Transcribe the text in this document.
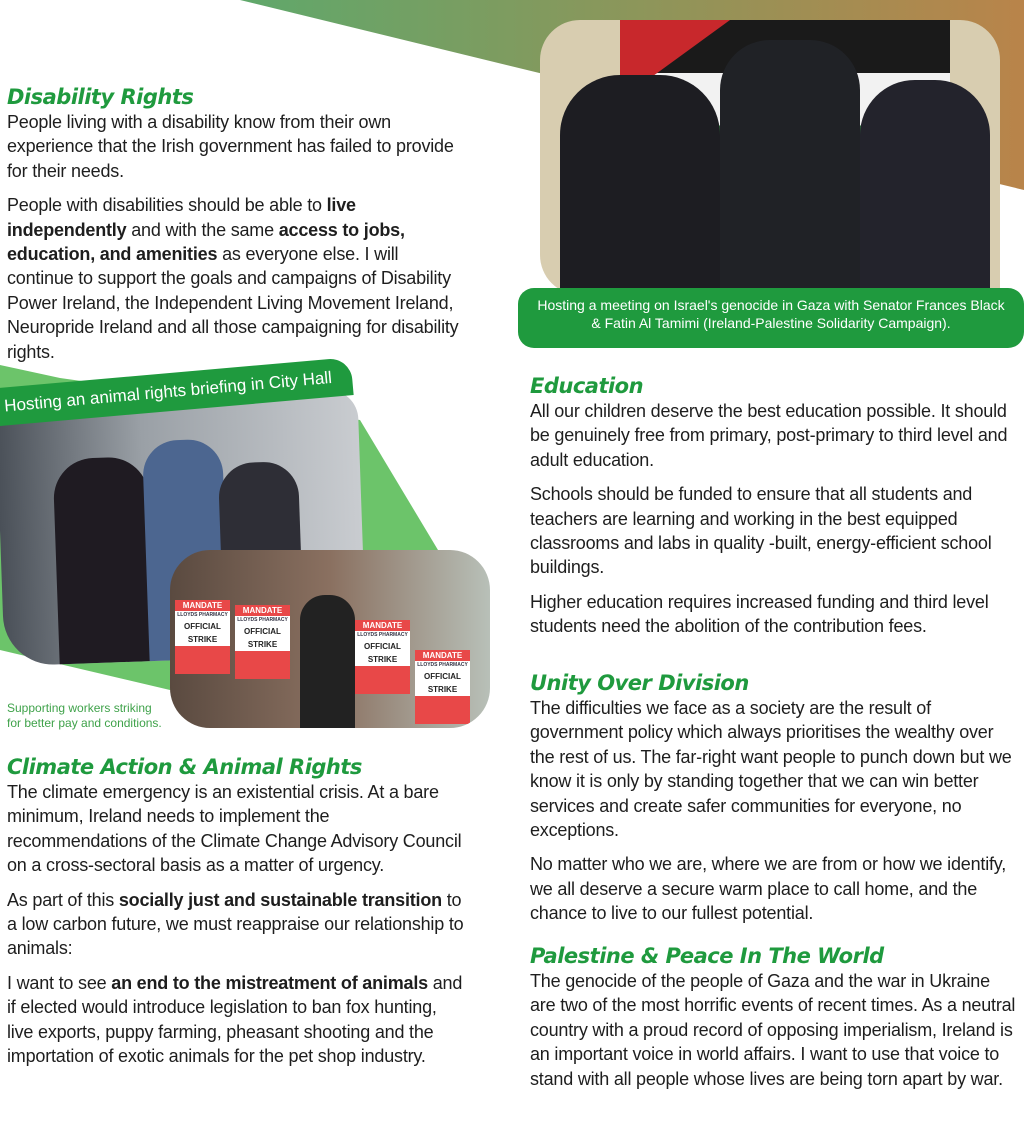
Hosting a meeting on Israel's genocide in Gaza with Senator Frances Black & Fatin Al Tamimi (Ireland-Palestine Solidarity Campaign).
Hosting an animal rights briefing in City Hall
MANDATE
LLOYDS PHARMACY
OFFICIAL STRIKE
MANDATE
LLOYDS PHARMACY
OFFICIAL STRIKE
MANDATE
LLOYDS PHARMACY
OFFICIAL STRIKE	MANDATE
LLOYDS PHARMACY
OFFICIAL STRIKE
Supporting workers striking
for better pay and conditions.
Disability Rights

People living with a disability know from their own experience that the Irish government has failed to provide for their needs.

People with disabilities should be able to live independently and with the same access to jobs, education, and amenities as everyone else. I will continue to support the goals and campaigns of Disability Power Ireland, the Independent Living Movement Ireland, Neuropride Ireland and all those campaigning for disability rights.

Climate Action & Animal Rights

The climate emergency is an existential crisis. At a bare minimum, Ireland needs to implement the recommendations of the Climate Change Advisory Council on a cross-sectoral basis as a matter of urgency.

As part of this socially just and sustainable transition to a low carbon future, we must reappraise our relationship to animals:

I want to see an end to the mistreatment of animals and if elected would introduce legislation to ban fox hunting, live exports, puppy farming, pheasant shooting and the importation of exotic animals for the pet shop industry.

Education

All our children deserve the best education possible. It should be genuinely free from primary, post-primary to third level and adult education.

Schools should be funded to ensure that all students and teachers are learning and working in the best equipped classrooms and labs in quality -built, energy-efficient school buildings.

Higher education requires increased funding and third level students need the abolition of the contribution fees.

Unity Over Division

The difficulties we face as a society are the result of government policy which always prioritises the wealthy over the rest of us. The far-right want people to punch down but we know it is only by standing together that we can win better services and create safer communities for everyone, no exceptions.

No matter who we are, where we are from or how we identify, we all deserve a secure warm place to call home, and the chance to live to our fullest potential.

Palestine & Peace In The World

The genocide of the people of Gaza and the war in Ukraine are two of the most horrific events of recent times. As a neutral country with a proud record of opposing imperialism, Ireland is an important voice in world affairs. I want to use that voice to stand with all people whose lives are being torn apart by war.
